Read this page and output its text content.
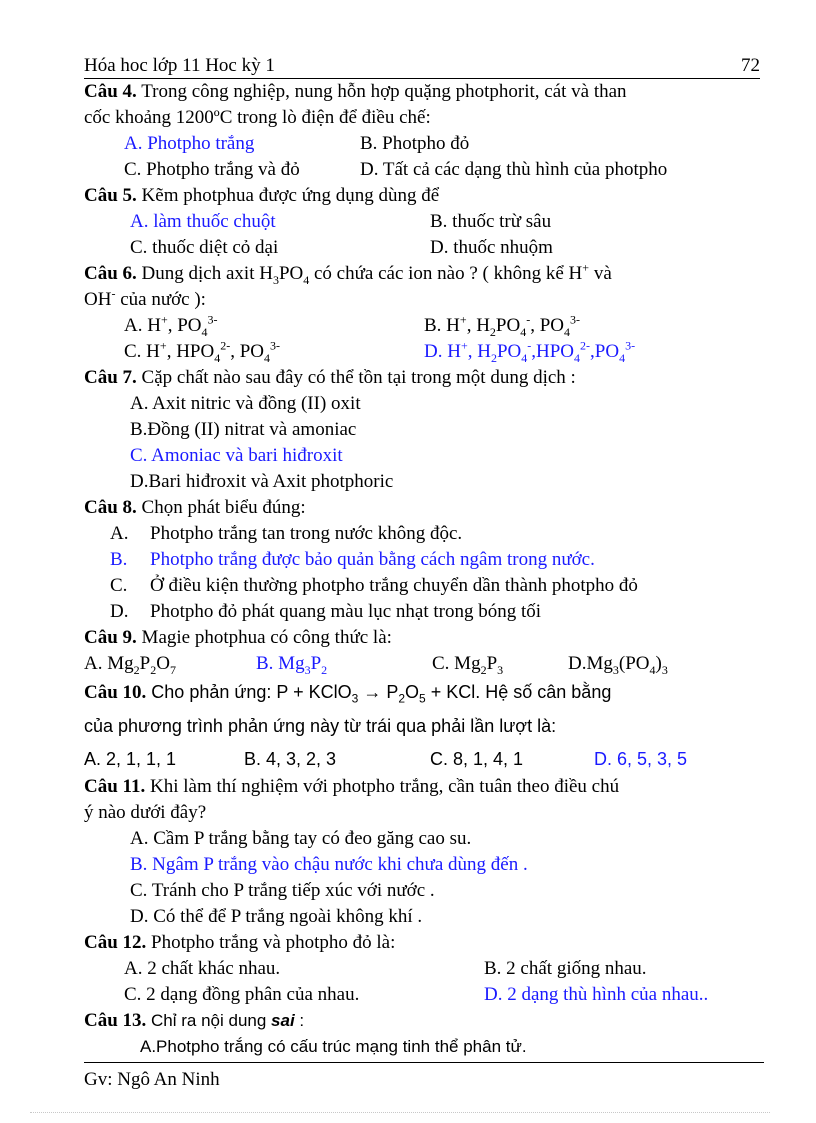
Hóa hoc lớp 11 Hoc kỳ 1	72
Câu 4. Trong công nghiệp, nung hỗn hợp quặng photphorit, cát và than
cốc khoảng 1200ºC trong lò điện để điều chế:
A. Photpho trắng	B. Photpho đỏ
C. Photpho trắng và đỏ	D. Tất cả các dạng thù hình của photpho
Câu 5. Kẽm photphua được ứng dụng dùng để
A. làm thuốc chuột	B. thuốc trừ sâu
C. thuốc diệt cỏ dại	D. thuốc nhuộm
Câu 6. Dung dịch axit $H_3PO_4$ có chứa các ion nào ? ( không kể H+ và
OH- của nước ):
A. H+, $PO_4^{3-}$	B. H+, $H_2PO_4^-$, $PO_4^{3-}$
C. H+, $HPO_4^{2-}$, $PO_4^{3-}$	D. H+, $H_2PO_4^-,HPO_4^{2-},PO_4^{3-}$
Câu 7. Cặp chất nào sau đây có thể tồn tại trong một dung dịch :
A. Axit nitric và đồng (II) oxit
B.Đồng (II) nitrat và amoniac
C. Amoniac và bari hiđroxit
D.Bari hiđroxit và Axit photphoric
Câu 8. Chọn phát biểu đúng:
A.	Photpho trắng tan trong nước không độc.
B.	Photpho trắng được bảo quản bằng cách ngâm trong nước.
C.	Ở điều kiện thường photpho trắng chuyển dần thành photpho đỏ
D.	Photpho đỏ phát quang màu lục nhạt trong bóng tối
Câu 9. Magie photphua có công thức là:
A. $Mg_2P_2O_7$	B. $Mg_3P_2$	C. $Mg_2P_3$	$D.Mg_3(PO_4)_3$
Câu 10. Cho phản ứng: P + KClO$_3$ → $P_2O_5$ + KCl. Hệ số cân bằng
của phương trình phản ứng này từ trái qua phải lần lượt là:
A. 2, 1, 1, 1	B. 4, 3, 2, 3	C. 8, 1, 4, 1	D. 6, 5, 3, 5
Câu 11. Khi làm thí nghiệm với photpho trắng, cần tuân theo điều chú
ý nào dưới đây?
A. Cầm P trắng bằng tay có đeo găng cao su.
B. Ngâm P trắng vào chậu nước khi chưa dùng đến .
C. Tránh cho P trắng tiếp xúc với nước .
D. Có thể để P trắng ngoài không khí .
Câu 12. Photpho trắng và photpho đỏ là:
A. 2 chất khác nhau.	B. 2 chất giống nhau.
C. 2 dạng đồng phân của nhau.	D. 2 dạng thù hình của nhau..
Câu 13. Chỉ ra nội dung sai :
A.Photpho trắng có cấu trúc mạng tinh thể phân tử.
Gv: Ngô An Ninh
